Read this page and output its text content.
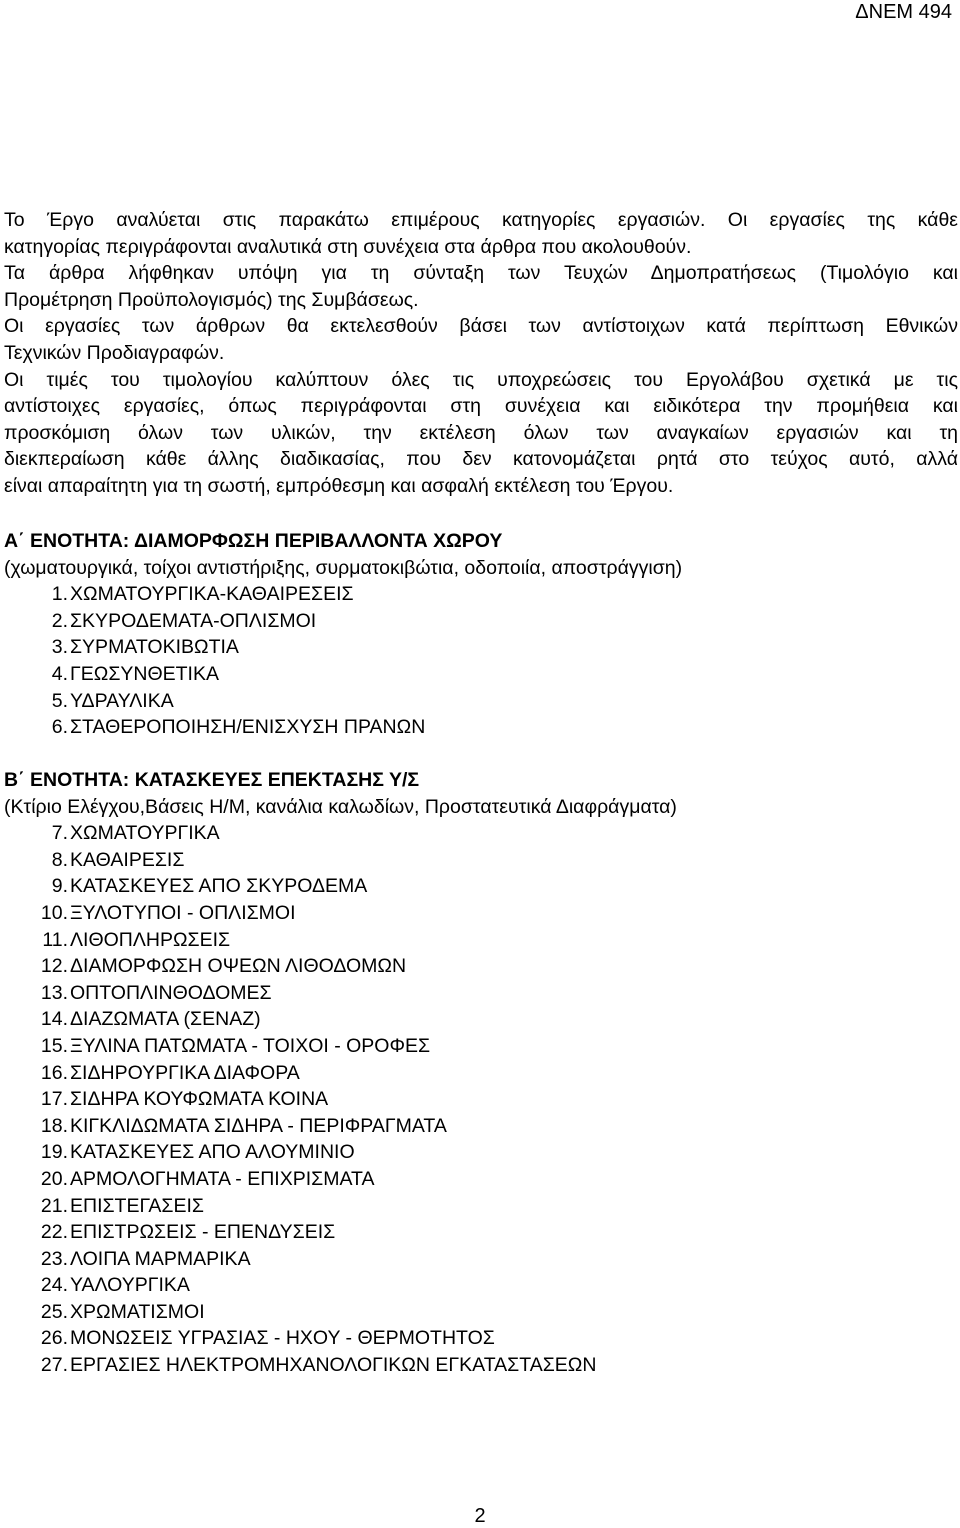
ΔΝΕΜ 494
Το Έργο αναλύεται στις παρακάτω επιμέρους κατηγορίες εργασιών. Οι εργασίες της κάθε
κατηγορίας περιγράφονται αναλυτικά στη συνέχεια στα άρθρα που ακολουθούν.
Τα άρθρα λήφθηκαν υπόψη για τη σύνταξη των Τευχών Δημοπρατήσεως (Τιμολόγιο και
Προμέτρηση Προϋπολογισμός) της Συμβάσεως.
Οι εργασίες των άρθρων θα εκτελεσθούν βάσει των αντίστοιχων κατά περίπτωση Εθνικών
Τεχνικών Προδιαγραφών.
Οι τιμές του τιμολογίου καλύπτουν όλες τις υποχρεώσεις του Εργολάβου σχετικά με τις
αντίστοιχες εργασίες, όπως περιγράφονται στη συνέχεια και ειδικότερα την προμήθεια και
προσκόμιση όλων των υλικών, την εκτέλεση όλων των αναγκαίων εργασιών και τη
διεκπεραίωση κάθε άλλης διαδικασίας, που δεν κατονομάζεται ρητά στο τεύχος αυτό, αλλά
είναι απαραίτητη για τη σωστή, εμπρόθεσμη και ασφαλή εκτέλεση του Έργου.
Α΄ ΕΝΟΤΗΤΑ: ΔΙΑΜΟΡΦΩΣΗ ΠΕΡΙΒΑΛΛΟΝΤΑ ΧΩΡΟΥ
(χωματουργικά, τοίχοι αντιστήριξης, συρματοκιβώτια, οδοποιία, αποστράγγιση)
1. ΧΩΜΑΤΟΥΡΓΙΚΑ-ΚΑΘΑΙΡΕΣΕΙΣ
2. ΣΚΥΡΟΔΕΜΑΤΑ-ΟΠΛΙΣΜΟΙ
3. ΣΥΡΜΑΤΟΚΙΒΩΤΙΑ
4. ΓΕΩΣΥΝΘΕΤΙΚΑ
5. ΥΔΡΑΥΛΙΚΑ
6. ΣΤΑΘΕΡΟΠΟΙΗΣΗ/ΕΝΙΣΧΥΣΗ ΠΡΑΝΩΝ
Β΄ ΕΝΟΤΗΤΑ: ΚΑΤΑΣΚΕΥΕΣ ΕΠΕΚΤΑΣΗΣ Υ/Σ
(Κτίριο Ελέγχου,Βάσεις Η/Μ, κανάλια καλωδίων, Προστατευτικά Διαφράγματα)
7. ΧΩΜΑΤΟΥΡΓΙΚΑ
8. ΚΑΘΑΙΡΕΣΙΣ
9. ΚΑΤΑΣΚΕΥΕΣ ΑΠΟ ΣΚΥΡΟΔΕΜΑ
10. ΞΥΛΟΤΥΠΟΙ - ΟΠΛΙΣΜΟΙ
11. ΛΙΘΟΠΛΗΡΩΣΕΙΣ
12. ΔΙΑΜΟΡΦΩΣΗ ΟΨΕΩΝ ΛΙΘΟΔΟΜΩΝ
13. ΟΠΤΟΠΛΙΝΘΟΔΟΜΕΣ
14. ΔΙΑΖΩΜΑΤΑ (ΣΕΝΑΖ)
15. ΞΥΛΙΝΑ ΠΑΤΩΜΑΤΑ - ΤΟΙΧΟΙ - ΟΡΟΦΕΣ
16. ΣΙΔΗΡΟΥΡΓΙΚΑ ΔΙΑΦΟΡΑ
17. ΣΙΔΗΡΑ ΚΟΥΦΩΜΑΤΑ ΚΟΙΝΑ
18. ΚΙΓΚΛΙΔΩΜΑΤΑ ΣΙΔΗΡΑ - ΠΕΡΙΦΡΑΓΜΑΤΑ
19. ΚΑΤΑΣΚΕΥΕΣ ΑΠΟ ΑΛΟΥΜΙΝΙΟ
20. ΑΡΜΟΛΟΓΗΜΑΤΑ - ΕΠΙΧΡΙΣΜΑΤΑ
21. ΕΠΙΣΤΕΓΑΣΕΙΣ
22. ΕΠΙΣΤΡΩΣΕΙΣ - ΕΠΕΝΔΥΣΕΙΣ
23. ΛΟΙΠΑ ΜΑΡΜΑΡΙΚΑ
24. ΥΑΛΟΥΡΓΙΚΑ
25. ΧΡΩΜΑΤΙΣΜΟΙ
26. ΜΟΝΩΣΕΙΣ ΥΓΡΑΣΙΑΣ - ΗΧΟΥ - ΘΕΡΜΟΤΗΤΟΣ
27. ΕΡΓΑΣΙΕΣ ΗΛΕΚΤΡΟΜΗΧΑΝΟΛΟΓΙΚΩΝ ΕΓΚΑΤΑΣΤΑΣΕΩΝ
2
